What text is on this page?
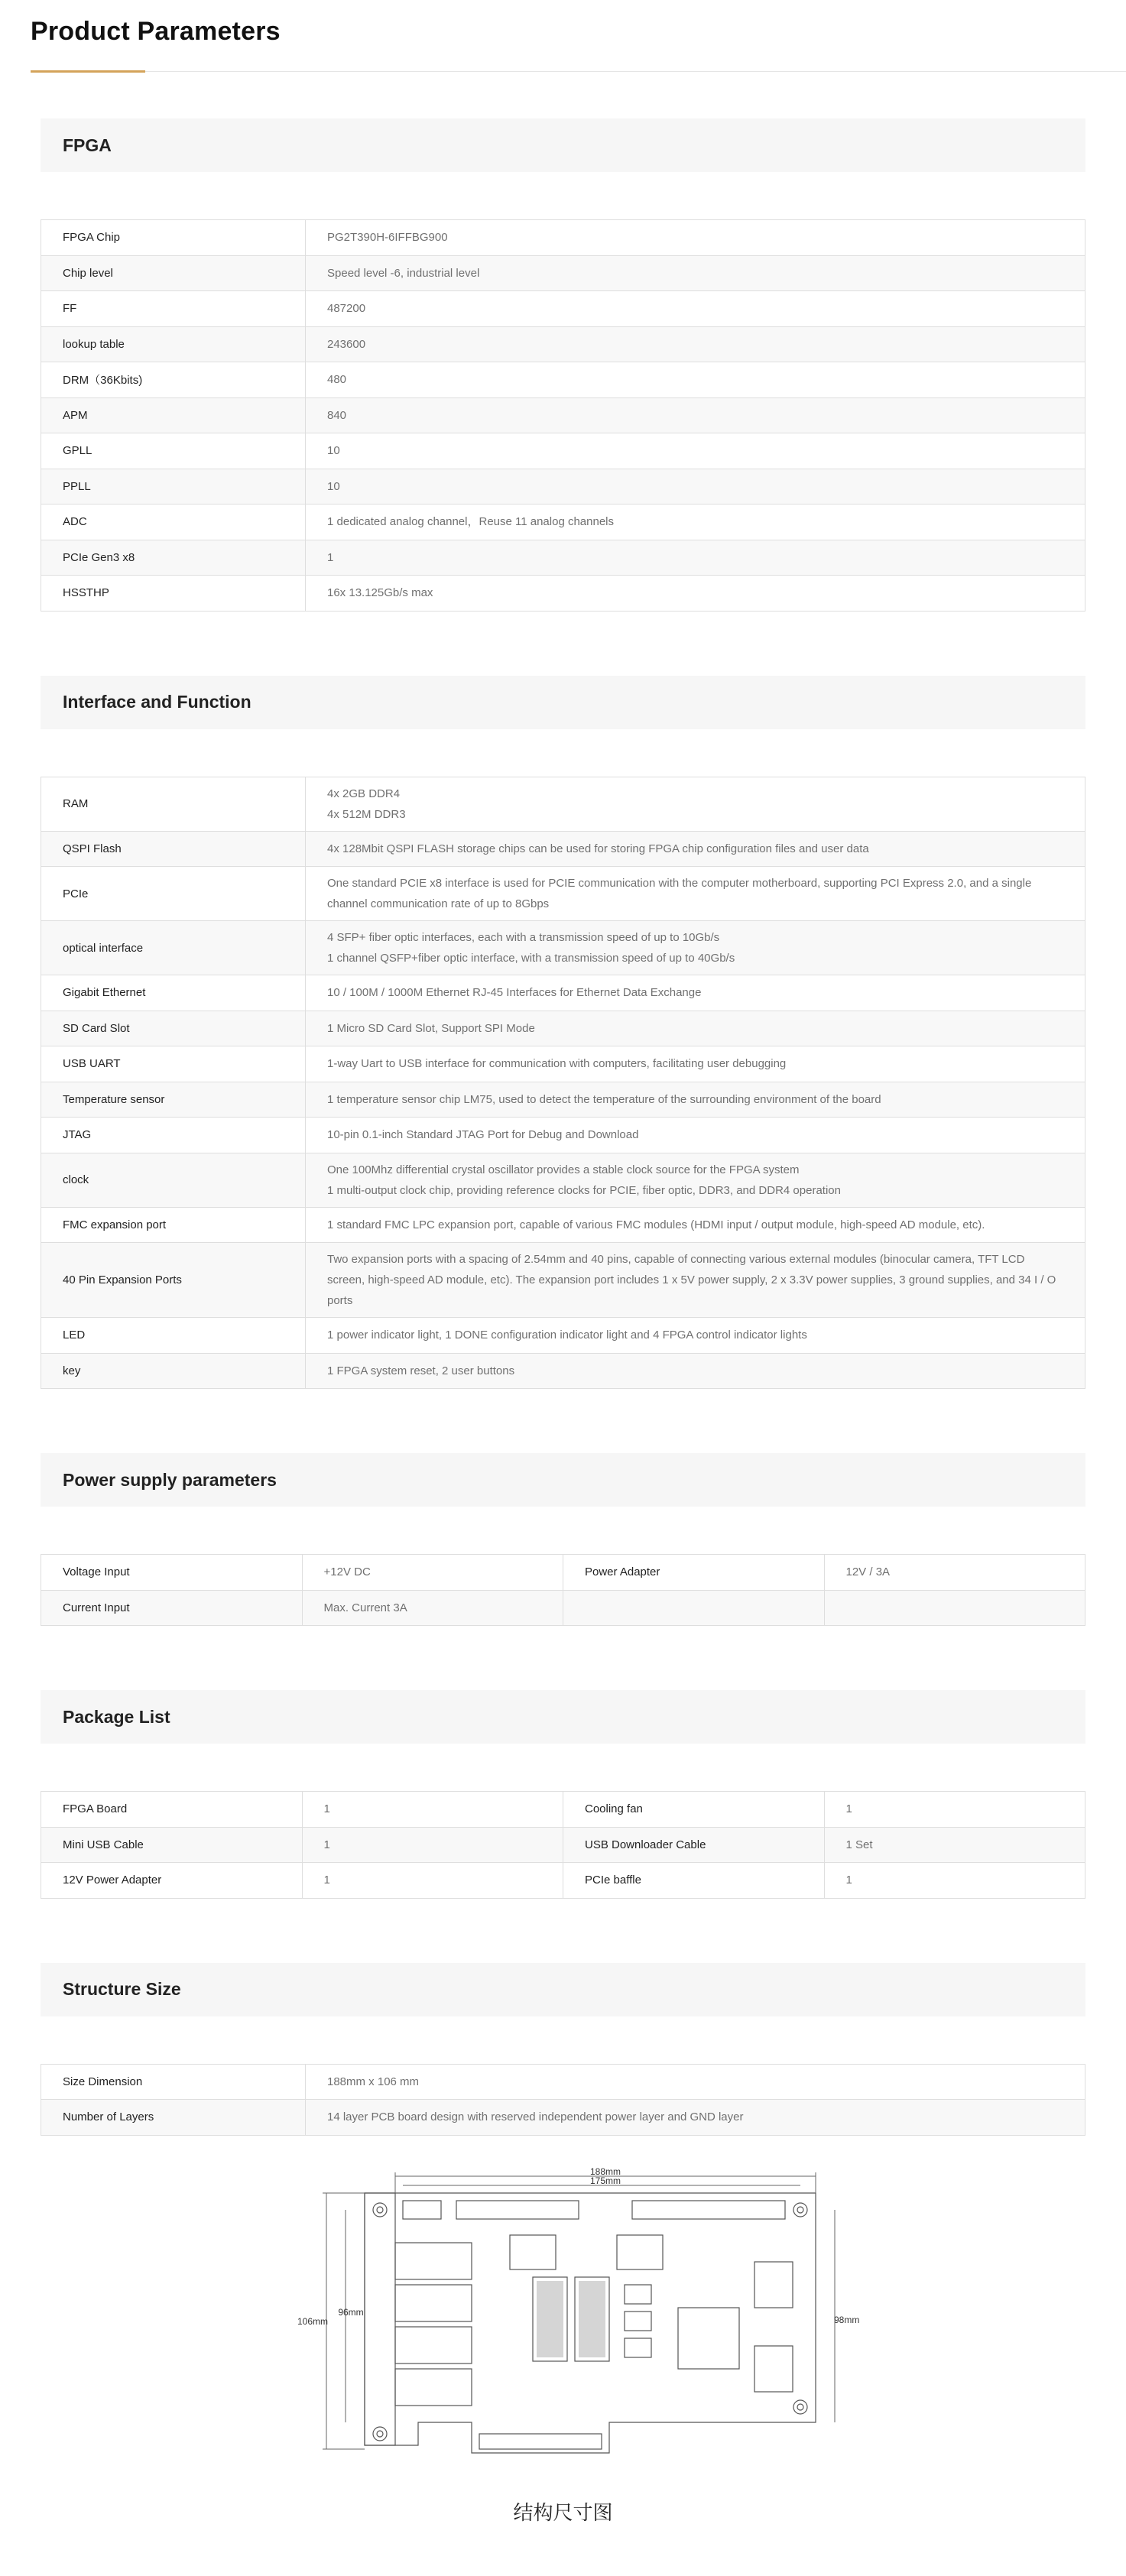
Product Parameters
FPGA
FPGA Chip	PG2T390H-6IFFBG900
Chip level	Speed level -6, industrial level
FF	487200
lookup table	243600
DRM（36Kbits)	480
APM	840
GPLL	10
PPLL	10
ADC	1 dedicated analog channel，Reuse 11 analog channels
PCIe Gen3 x8	1
HSSTHP	16x 13.125Gb/s max
Interface and Function
RAM	4x 2GB DDR4
4x 512M DDR3

QSPI Flash	4x 128Mbit QSPI FLASH storage chips can be used for storing FPGA chip configuration files and user data

PCIe	One standard PCIE x8 interface is used for PCIE communication with the computer motherboard, supporting PCI Express 2.0, and a single channel communication rate of up to 8Gbps

optical interface	4 SFP+ fiber optic interfaces, each with a transmission speed of up to 10Gb/s
1 channel QSFP+fiber optic interface, with a transmission speed of up to 40Gb/s

Gigabit Ethernet	10 / 100M / 1000M Ethernet RJ-45 Interfaces for Ethernet Data Exchange

SD Card Slot	1 Micro SD Card Slot, Support SPI Mode

USB UART	1-way Uart to USB interface for communication with computers, facilitating user debugging

Temperature sensor	1 temperature sensor chip LM75, used to detect the temperature of the surrounding environment of the board

JTAG	10-pin 0.1-inch Standard JTAG Port for Debug and Download

clock	One 100Mhz differential crystal oscillator provides a stable clock source for the FPGA system
1 multi-output clock chip, providing reference clocks for PCIE, fiber optic, DDR3, and DDR4 operation

FMC expansion port	1 standard FMC LPC expansion port, capable of various FMC modules (HDMI input / output module, high-speed AD module, etc).

40 Pin Expansion Ports	Two expansion ports with a spacing of 2.54mm and 40 pins, capable of connecting various external modules (binocular camera, TFT LCD screen, high-speed AD module, etc). The expansion port includes 1 x 5V power supply, 2 x 3.3V power supplies, 3 ground supplies, and 34 I / O ports

LED	1 power indicator light, 1 DONE configuration indicator light and 4 FPGA control indicator lights

key	1 FPGA system reset, 2 user buttons
Power supply parameters
Voltage Input	+12V DC	Power Adapter	12V / 3A
Current Input	Max. Current 3A		
Package List
FPGA Board	1	Cooling fan	1
Mini USB Cable	1	USB Downloader Cable	1 Set
12V Power Adapter	1	PCIe baffle	1
Structure Size
Size Dimension	188mm x 106 mm
Number of Layers	14 layer PCB board design with reserved independent power layer and GND layer
188mm
175mm
96mm
106mm	98mm
结构尺寸图
